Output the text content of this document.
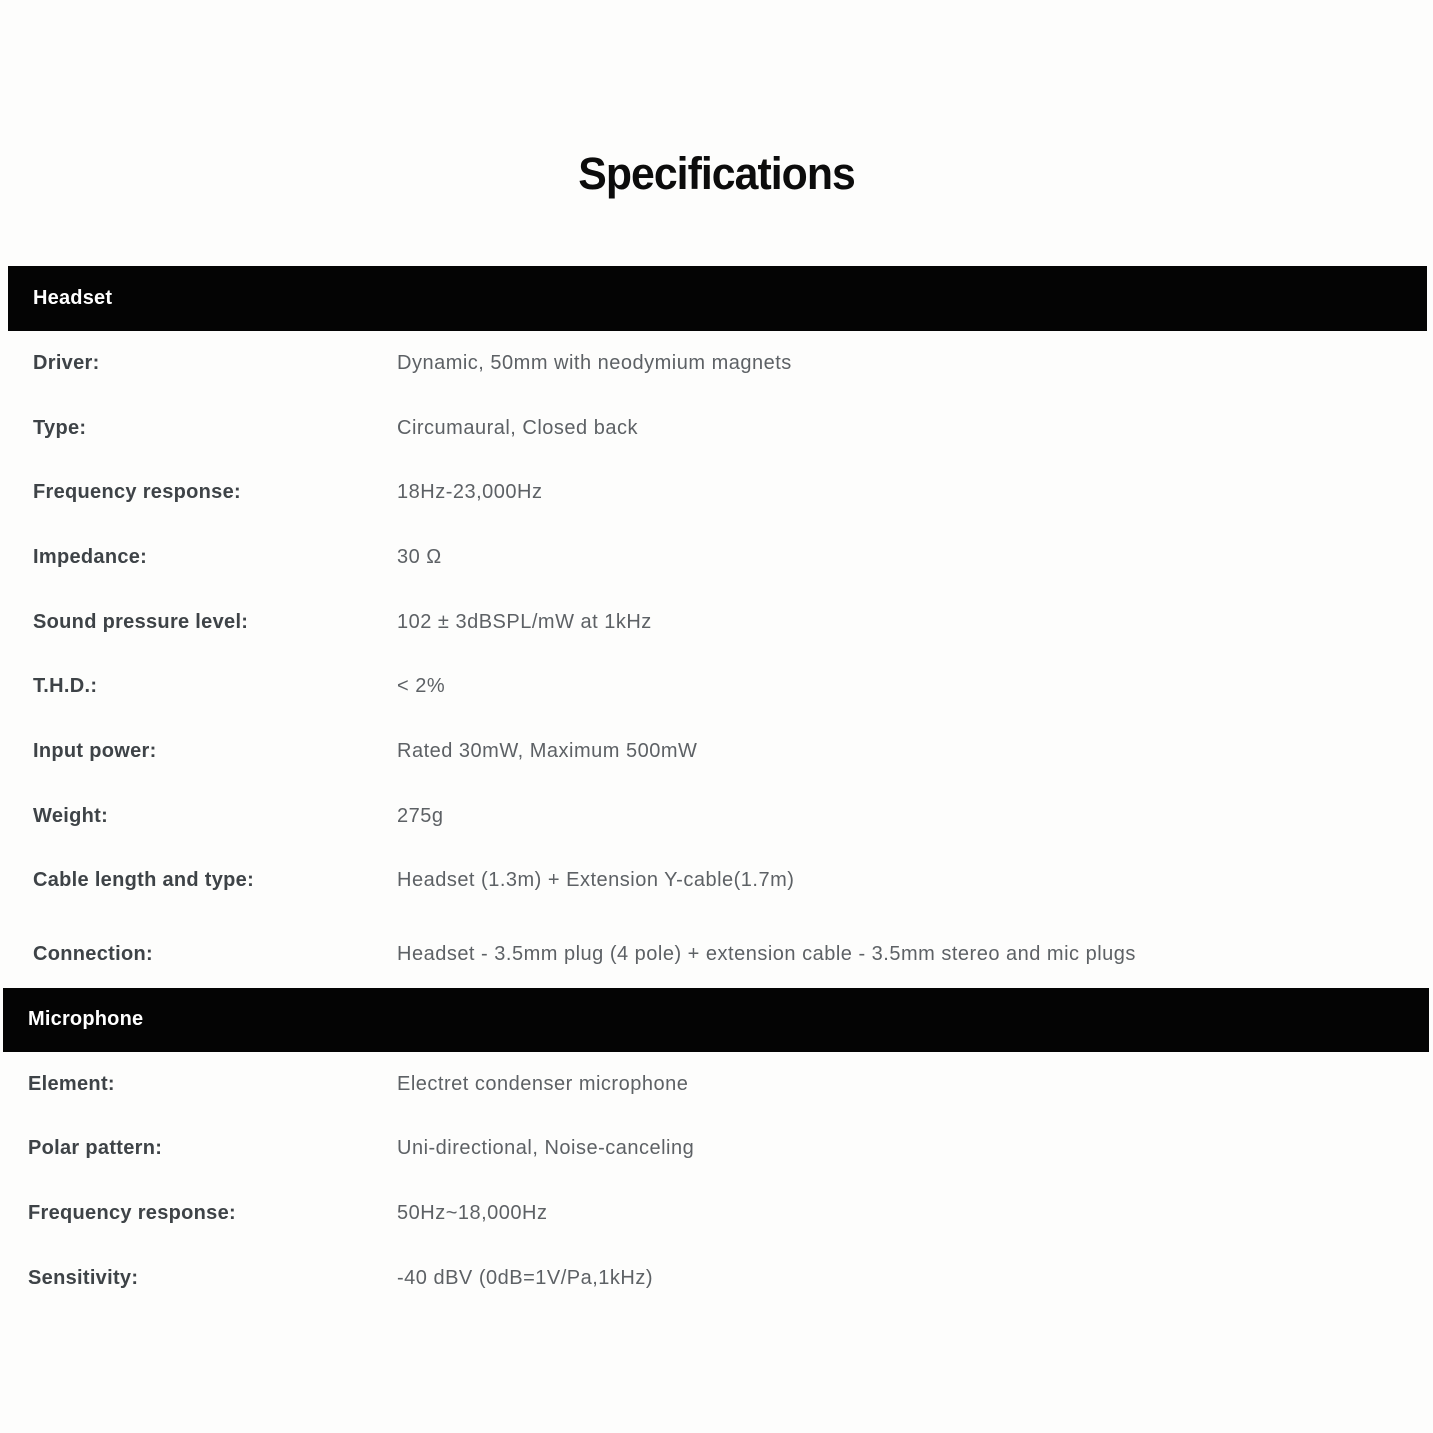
Specifications
Headset
Driver:	Dynamic, 50mm with neodymium magnets
Type:	Circumaural, Closed back
Frequency response:	18Hz-23,000Hz
Impedance:	30 Ω
Sound pressure level:	102 ± 3dBSPL/mW at 1kHz
T.H.D.:	< 2%
Input power:	Rated 30mW, Maximum 500mW
Weight:	275g
Cable length and type:	Headset (1.3m) + Extension Y-cable(1.7m)
Connection:	Headset - 3.5mm plug (4 pole) + extension cable - 3.5mm stereo and mic plugs
Microphone
Element:	Electret condenser microphone
Polar pattern:	Uni-directional, Noise-canceling
Frequency response:	50Hz~18,000Hz
Sensitivity:	-40 dBV (0dB=1V/Pa,1kHz)
